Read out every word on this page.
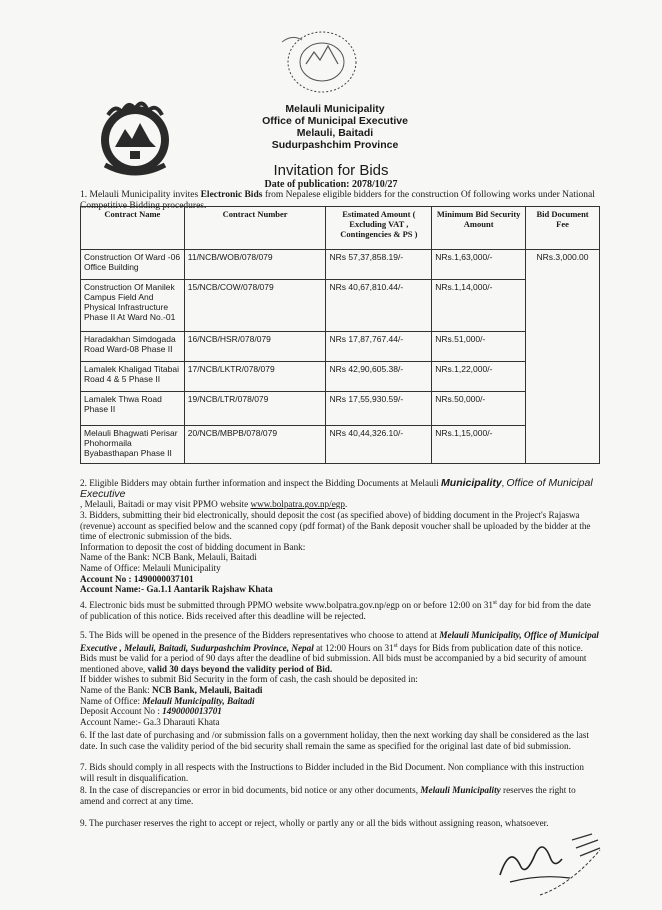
Melauli Municipality
Office of Municipal Executive
Melauli, Baitadi
Sudurpashchim Province
Invitation for Bids
Date of publication: 2078/10/27
1. Melauli Municipality invites Electronic Bids from Nepalese eligible bidders for the construction Of following works under National Competitive Bidding procedures.
Contract Name	Contract Number	Estimated Amount ( Excluding VAT , Contingencies & PS )	Minimum Bid Security Amount	Bid Document Fee
Construction Of Ward -06 Office Building	11/NCB/WOB/078/079	NRs 57,37,858.19/-	NRs.1,63,000/-	NRs.3,000.00
Construction Of Manilek Campus Field And Physical Infrastructure Phase II At Ward No.-01	15/NCB/COW/078/079	NRs 40,67,810.44/-	NRs.1,14,000/-	
Haradakhan Simdogada Road Ward-08 Phase II	16/NCB/HSR/078/079	NRs 17,87,767.44/-	NRs.51,000/-	
Lamalek Khaligad Titabai Road 4 & 5 Phase II	17/NCB/LKTR/078/079	NRs 42,90,605.38/-	NRs.1,22,000/-	
Lamalek Thwa Road Phase II	19/NCB/LTR/078/079	NRs 17,55,930.59/-	NRs.50,000/-	
Melauli Bhagwati Perisar Phohormaila Byabasthapan Phase II	20/NCB/MBPB/078/079	NRs 40,44,326.10/-	NRs.1,15,000/-	

2. Eligible Bidders may obtain further information and inspect the Bidding Documents at Melauli Municipality, Office of Municipal Executive
, Melauli, Baitadi or may visit PPMO website www.bolpatra.gov.np/egp.

3. Bidders, submitting their bid electronically, should deposit the cost (as specified above) of bidding document in the Project's Rajaswa (revenue) account as specified below and the scanned copy (pdf format) of the Bank deposit voucher shall be uploaded by the bidder at the time of electronic submission of the bids.

Information to deposit the cost of bidding document in Bank:

Name of the Bank: NCB Bank, Melauli, Baitadi

Name of Office: Melauli Municipality

Account No : 1490000037101

Account Name:- Ga.1.1 Aantarik Rajshaw Khata

4. Electronic bids must be submitted through PPMO website www.bolpatra.gov.np/egp on or before 12:00 on 31st day for bid from the date of publication of this notice. Bids received after this deadline will be rejected.

5. The Bids will be opened in the presence of the Bidders representatives who choose to attend at Melauli Municipality, Office of Municipal Executive , Melauli, Baitadi, Sudurpashchim Province, Nepal at 12:00 Hours on 31st days for Bids from publication date of this notice. Bids must be valid for a period of 90 days after the deadline of bid submission. All bids must be accompanied by a bid security of amount mentioned above, valid 30 days beyond the validity period of Bid.

If bidder wishes to submit Bid Security in the form of cash, the cash should be deposited in:

Name of the Bank: NCB Bank, Melauli, Baitadi

Name of Office: Melauli Municipality, Baitadi

Deposit Account No : 1490000013701

Account Name:- Ga.3 Dharauti Khata

6. If the last date of purchasing and /or submission falls on a government holiday, then the next working day shall be considered as the last date. In such case the validity period of the bid security shall remain the same as specified for the original last date of bid submission.

7. Bids should comply in all respects with the Instructions to Bidder included in the Bid Document. Non compliance with this instruction will result in disqualification.

8. In the case of discrepancies or error in bid documents, bid notice or any other documents, Melauli Municipality reserves the right to amend and correct at any time.

9. The purchaser reserves the right to accept or reject, wholly or partly any or all the bids without assigning reason, whatsoever.
